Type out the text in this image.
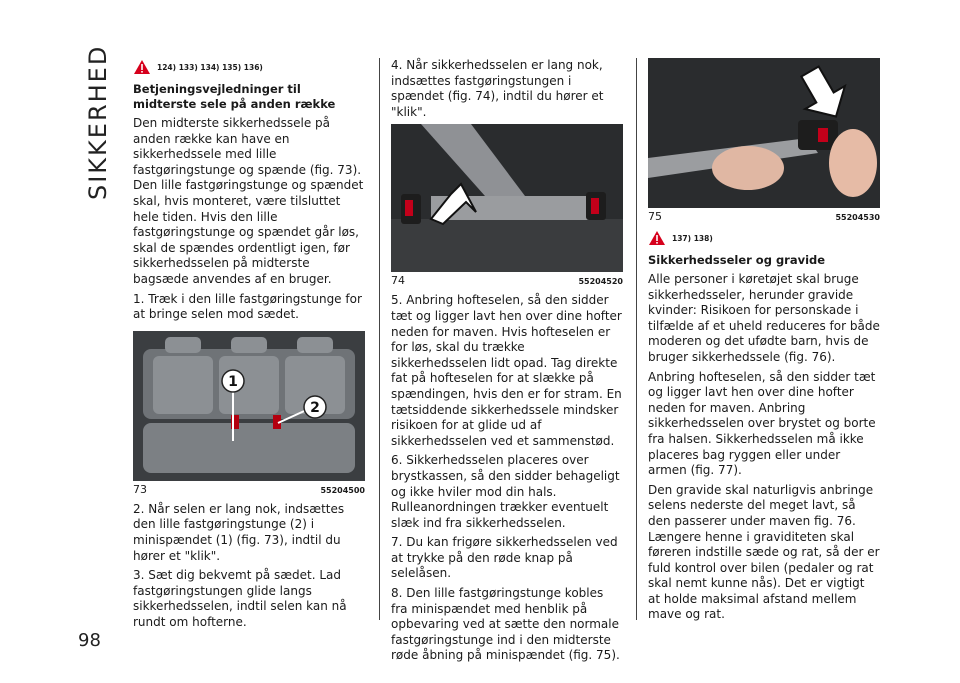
SIKKERHED
98
124) 133) 134) 135) 136)
Betjeningsvejledninger til midterste sele på anden række

Den midterste sikkerhedssele på anden række kan have en sikkerhedssele med lille fastgøringstunge og spænde (fig. 73). Den lille fastgøringstunge og spændet skal, hvis monteret, være tilsluttet hele tiden. Hvis den lille fastgøringstunge og spændet går løs, skal de spændes ordentligt igen, før sikkerhedsselen på midterste bagsæde anvendes af en bruger.

1. Træk i den lille fastgøringstunge for at bringe selen mod sædet.

1
2
73	55204500

2. Når selen er lang nok, indsættes den lille fastgøringstunge (2) i minispændet (1) (fig. 73), indtil du hører et "klik".

3. Sæt dig bekvemt på sædet. Lad fastgøringstungen glide langs sikkerhedsselen, indtil selen kan nå rundt om hofterne.

4. Når sikkerhedsselen er lang nok, indsættes fastgøringstungen i spændet (fig. 74), indtil du hører et "klik".

74	55204520

5. Anbring hofteselen, så den sidder tæt og ligger lavt hen over dine hofter neden for maven. Hvis hofteselen er for løs, skal du trække sikkerhedsselen lidt opad. Tag direkte fat på hofteselen for at slække på spændingen, hvis den er for stram. En tætsiddende sikkerhedssele mindsker risikoen for at glide ud af sikkerhedsselen ved et sammenstød.

6. Sikkerhedsselen placeres over brystkassen, så den sidder behageligt og ikke hviler mod din hals. Rulleanordningen trækker eventuelt slæk ind fra sikkerhedsselen.

7. Du kan frigøre sikkerhedsselen ved at trykke på den røde knap på selelåsen.

8. Den lille fastgøringstunge kobles fra minispændet med henblik på opbevaring ved at sætte den normale fastgøringstunge ind i den midterste røde åbning på minispændet (fig. 75).

75	55204530
137) 138)
Sikkerhedsseler og gravide

Alle personer i køretøjet skal bruge sikkerhedsseler, herunder gravide kvinder: Risikoen for personskade i tilfælde af et uheld reduceres for både moderen og det ufødte barn, hvis de bruger sikkerhedssele (fig. 76).

Anbring hofteselen, så den sidder tæt og ligger lavt hen over dine hofter neden for maven. Anbring sikkerhedsselen over brystet og borte fra halsen. Sikkerhedsselen må ikke placeres bag ryggen eller under armen (fig. 77).

Den gravide skal naturligvis anbringe selens nederste del meget lavt, så den passerer under maven fig. 76. Længere henne i graviditeten skal føreren indstille sæde og rat, så der er fuld kontrol over bilen (pedaler og rat skal nemt kunne nås). Det er vigtigt at holde maksimal afstand mellem mave og rat.
